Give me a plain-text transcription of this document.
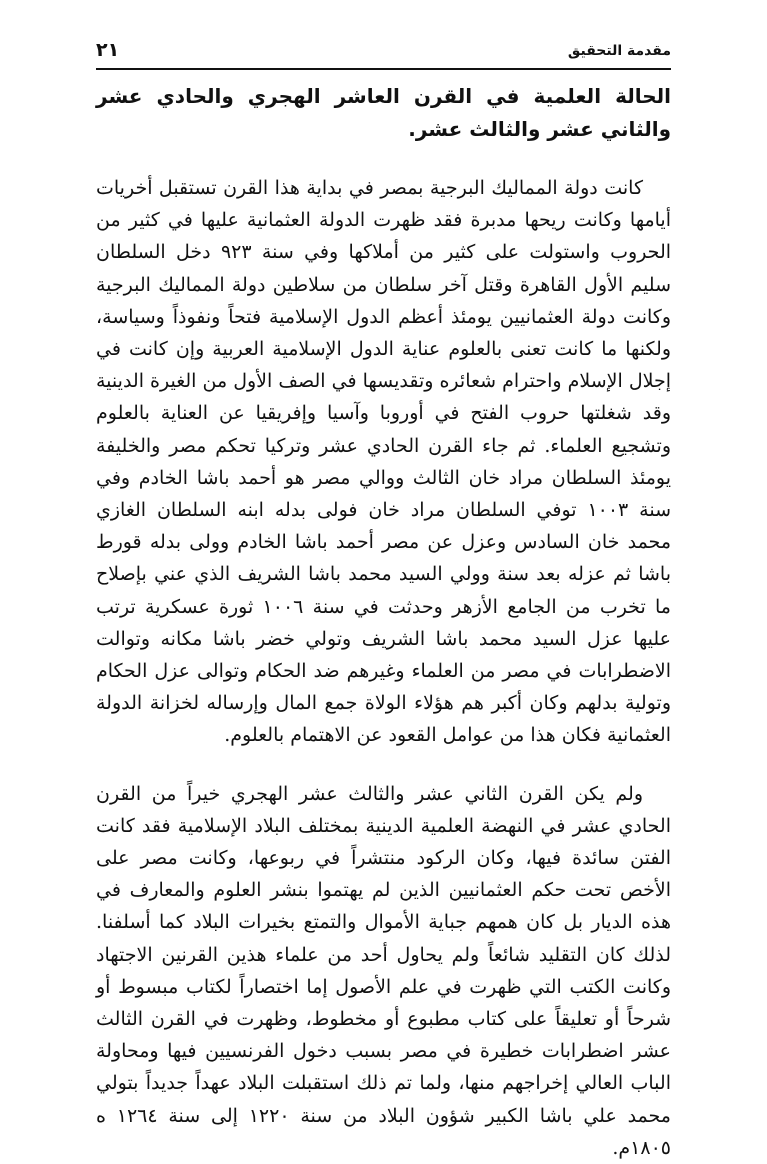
مقدمة التحقيق
٢١
الحالة العلمية في القرن العاشر الهجري والحادي عشر والثاني عشر والثالث عشر.

كانت دولة المماليك البرجية بمصر في بداية هذا القرن تستقبل أخريات أيامها وكانت ريحها مدبرة فقد ظهرت الدولة العثمانية عليها في كثير من الحروب واستولت على كثير من أملاكها وفي سنة ٩٢٣ دخل السلطان سليم الأول القاهرة وقتل آخر سلطان من سلاطين دولة المماليك البرجية وكانت دولة العثمانيين يومئذ أعظم الدول الإسلامية فتحاً ونفوذاً وسياسة، ولكنها ما كانت تعنى بالعلوم عناية الدول الإسلامية العربية وإن كانت في إجلال الإسلام واحترام شعائره وتقديسها في الصف الأول من الغيرة الدينية وقد شغلتها حروب الفتح في أوروبا وآسيا وإفريقيا عن العناية بالعلوم وتشجيع العلماء. ثم جاء القرن الحادي عشر وتركيا تحكم مصر والخليفة يومئذ السلطان مراد خان الثالث ووالي مصر هو أحمد باشا الخادم وفي سنة ١٠٠٣ توفي السلطان مراد خان فولى بدله ابنه السلطان الغازي محمد خان السادس وعزل عن مصر أحمد باشا الخادم وولى بدله قورط باشا ثم عزله بعد سنة وولي السيد محمد باشا الشريف الذي عني بإصلاح ما تخرب من الجامع الأزهر وحدثت في سنة ١٠٠٦ ثورة عسكرية ترتب عليها عزل السيد محمد باشا الشريف وتولي خضر باشا مكانه وتوالت الاضطرابات في مصر من العلماء وغيرهم ضد الحكام وتوالى عزل الحكام وتولية بدلهم وكان أكبر هم هؤلاء الولاة جمع المال وإرساله لخزانة الدولة العثمانية فكان هذا من عوامل القعود عن الاهتمام بالعلوم.

ولم يكن القرن الثاني عشر والثالث عشر الهجري خيراً من القرن الحادي عشر في النهضة العلمية الدينية بمختلف البلاد الإسلامية فقد كانت الفتن سائدة فيها، وكان الركود منتشراً في ربوعها، وكانت مصر على الأخص تحت حكم العثمانيين الذين لم يهتموا بنشر العلوم والمعارف في هذه الديار بل كان همهم جباية الأموال والتمتع بخيرات البلاد كما أسلفنا. لذلك كان التقليد شائعاً ولم يحاول أحد من علماء هذين القرنين الاجتهاد وكانت الكتب التي ظهرت في علم الأصول إما اختصاراً لكتاب مبسوط أو شرحاً أو تعليقاً على كتاب مطبوع أو مخطوط، وظهرت في القرن الثالث عشر اضطرابات خطيرة في مصر بسبب دخول الفرنسيين فيها ومحاولة الباب العالي إخراجهم منها، ولما تم ذلك استقبلت البلاد عهداً جديداً بتولي محمد علي باشا الكبير شؤون البلاد من سنة ١٢٢٠ إلى سنة ١٢٦٤ ه ١٨٠٥م.
